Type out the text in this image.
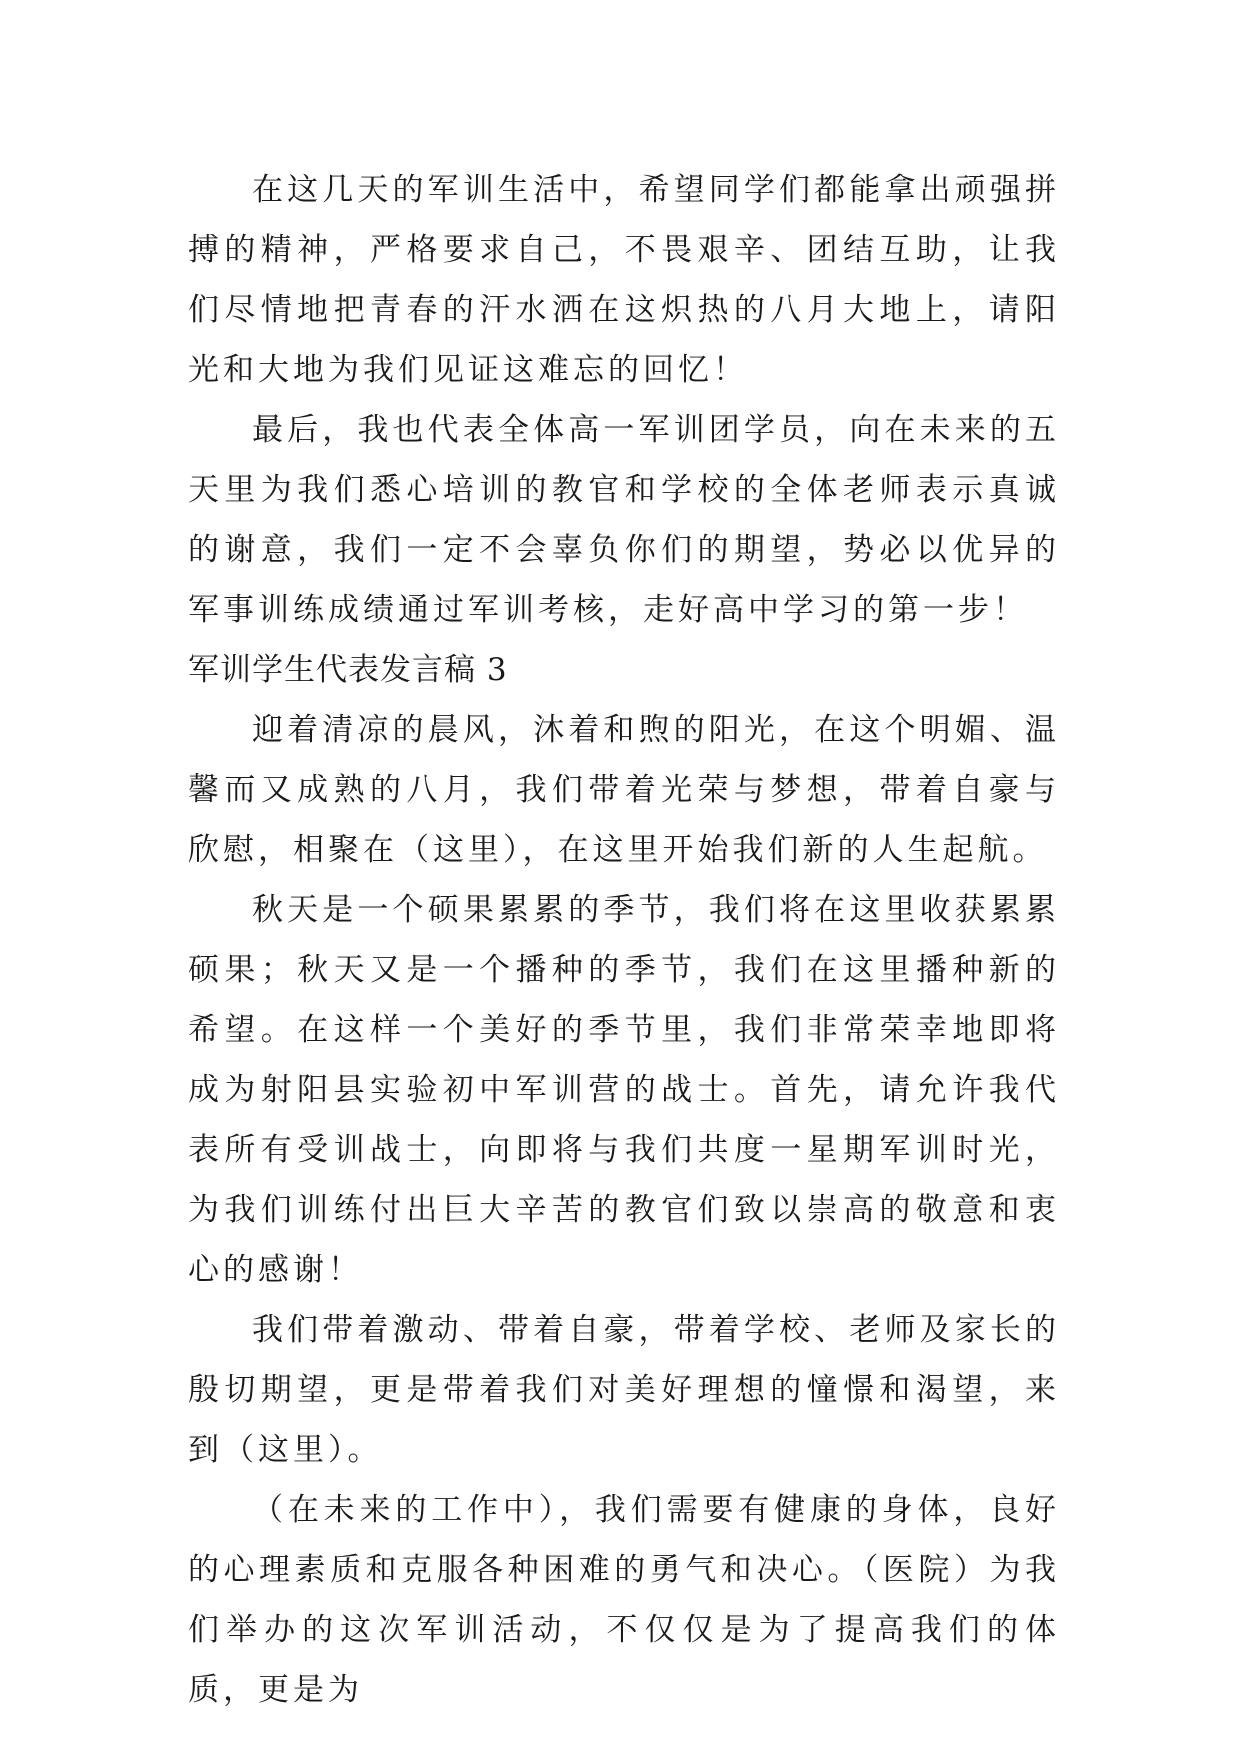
在这几天的军训生活中，希望同学们都能拿出顽强拼搏的精神，严格要求自己，不畏艰辛、团结互助，让我们尽情地把青春的汗水洒在这炽热的八月大地上，请阳光和大地为我们见证这难忘的回忆！

最后，我也代表全体高一军训团学员，向在未来的五天里为我们悉心培训的教官和学校的全体老师表示真诚的谢意，我们一定不会辜负你们的期望，势必以优异的军事训练成绩通过军训考核，走好高中学习的第一步！

军训学生代表发言稿 3

迎着清凉的晨风，沐着和煦的阳光，在这个明媚、温馨而又成熟的八月，我们带着光荣与梦想，带着自豪与欣慰，相聚在（这里），在这里开始我们新的人生起航。

秋天是一个硕果累累的季节，我们将在这里收获累累硕果；秋天又是一个播种的季节，我们在这里播种新的希望。在这样一个美好的季节里，我们非常荣幸地即将成为射阳县实验初中军训营的战士。首先，请允许我代表所有受训战士，向即将与我们共度一星期军训时光，为我们训练付出巨大辛苦的教官们致以崇高的敬意和衷心的感谢！

我们带着激动、带着自豪，带着学校、老师及家长的殷切期望，更是带着我们对美好理想的憧憬和渴望，来到（这里）。

（在未来的工作中），我们需要有健康的身体，良好的心理素质和克服各种困难的勇气和决心。（医院）为我们举办的这次军训活动，不仅仅是为了提高我们的体质，更是为
